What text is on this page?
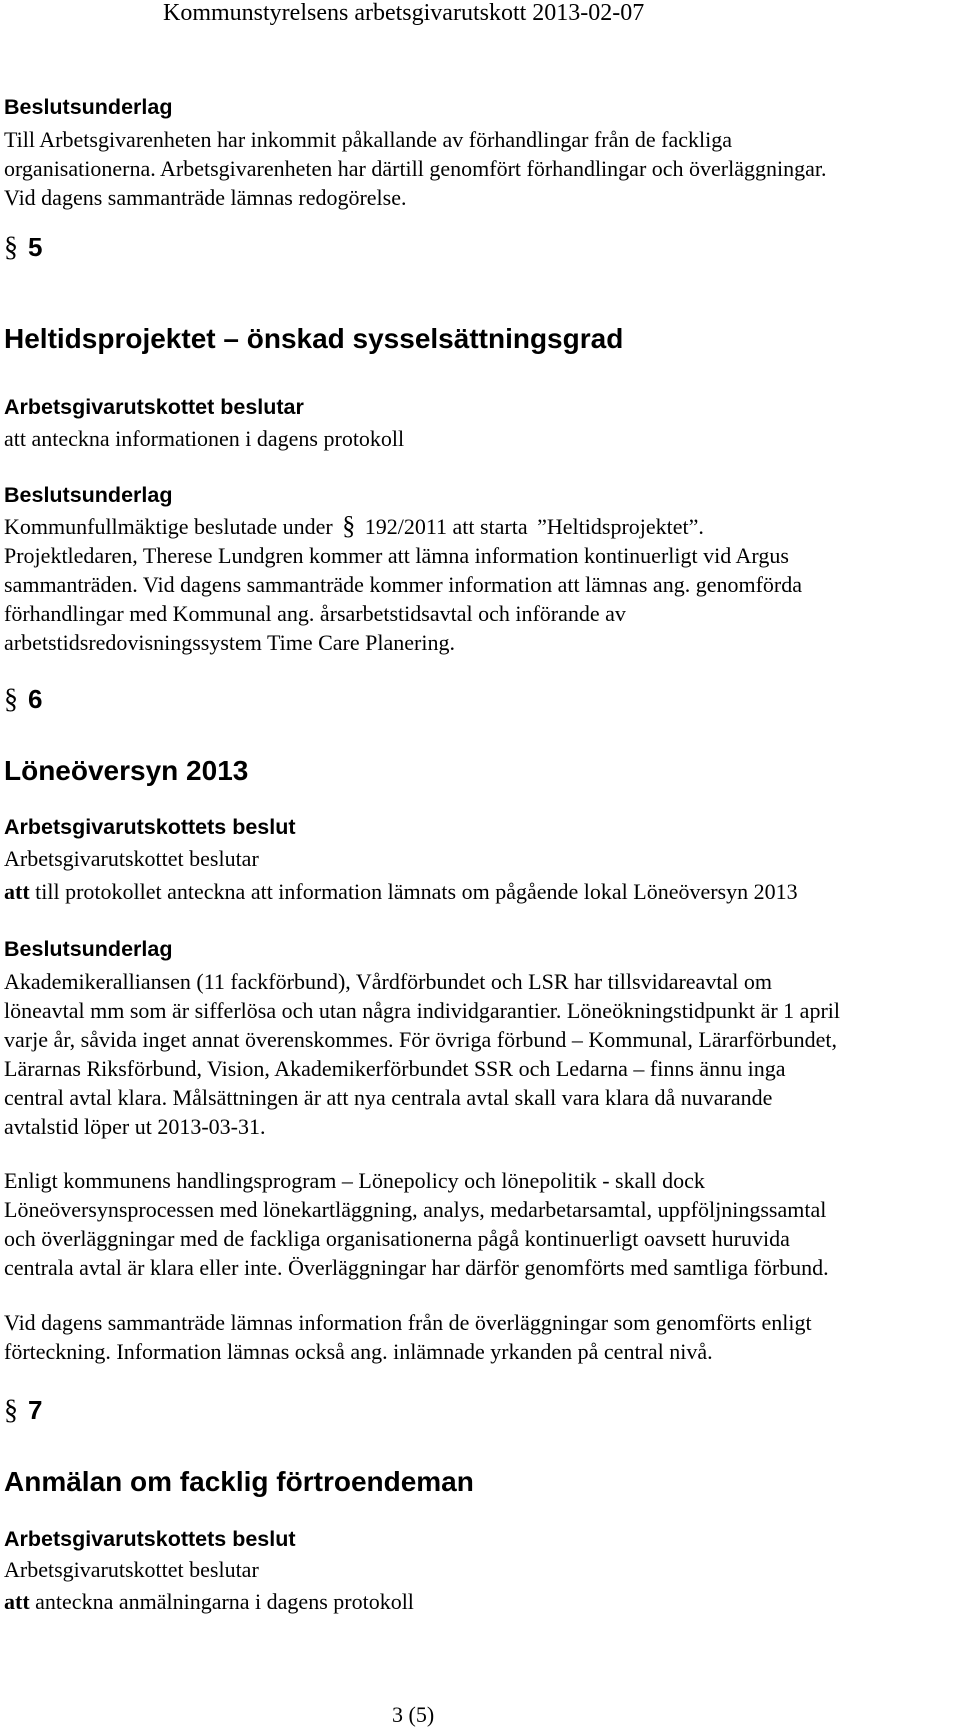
Kommunstyrelsens arbetsgivarutskott 2013-02-07
Beslutsunderlag
Till Arbetsgivarenheten har inkommit påkallande av förhandlingar från de fackliga
organisationerna. Arbetsgivarenheten har därtill genomfört förhandlingar och överläggningar.
Vid dagens sammanträde lämnas redogörelse.
§ 5
Heltidsprojektet – önskad sysselsättningsgrad
Arbetsgivarutskottet beslutar
att anteckna informationen i dagens protokoll
Beslutsunderlag
Kommunfullmäktige beslutade under § 192/2011 att starta ”Heltidsprojektet”.
Projektledaren, Therese Lundgren kommer att lämna information kontinuerligt vid Argus
sammanträden. Vid dagens sammanträde kommer information att lämnas ang. genomförda
förhandlingar med Kommunal ang. årsarbetstidsavtal och införande av
arbetstidsredovisningssystem Time Care Planering.
§ 6
Löneöversyn 2013
Arbetsgivarutskottets beslut
Arbetsgivarutskottet beslutar
att till protokollet anteckna att information lämnats om pågående lokal Löneöversyn 2013
Beslutsunderlag
Akademikeralliansen (11 fackförbund), Vårdförbundet och LSR har tillsvidareavtal om
löneavtal mm som är sifferlösa och utan några individgarantier. Löneökningstidpunkt är 1 april
varje år, såvida inget annat överenskommes. För övriga förbund – Kommunal, Lärarförbundet,
Lärarnas Riksförbund, Vision, Akademikerförbundet SSR och Ledarna – finns ännu inga
central avtal klara. Målsättningen är att nya centrala avtal skall vara klara då nuvarande
avtalstid löper ut 2013-03-31.
Enligt kommunens handlingsprogram – Lönepolicy och lönepolitik - skall dock
Löneöversynsprocessen med lönekartläggning, analys, medarbetarsamtal, uppföljningssamtal
och överläggningar med de fackliga organisationerna pågå kontinuerligt oavsett huruvida
centrala avtal är klara eller inte. Överläggningar har därför genomförts med samtliga förbund.
Vid dagens sammanträde lämnas information från de överläggningar som genomförts enligt
förteckning. Information lämnas också ang. inlämnade yrkanden på central nivå.
§ 7
Anmälan om facklig förtroendeman
Arbetsgivarutskottets beslut
Arbetsgivarutskottet beslutar
att anteckna anmälningarna i dagens protokoll
3 (5)
